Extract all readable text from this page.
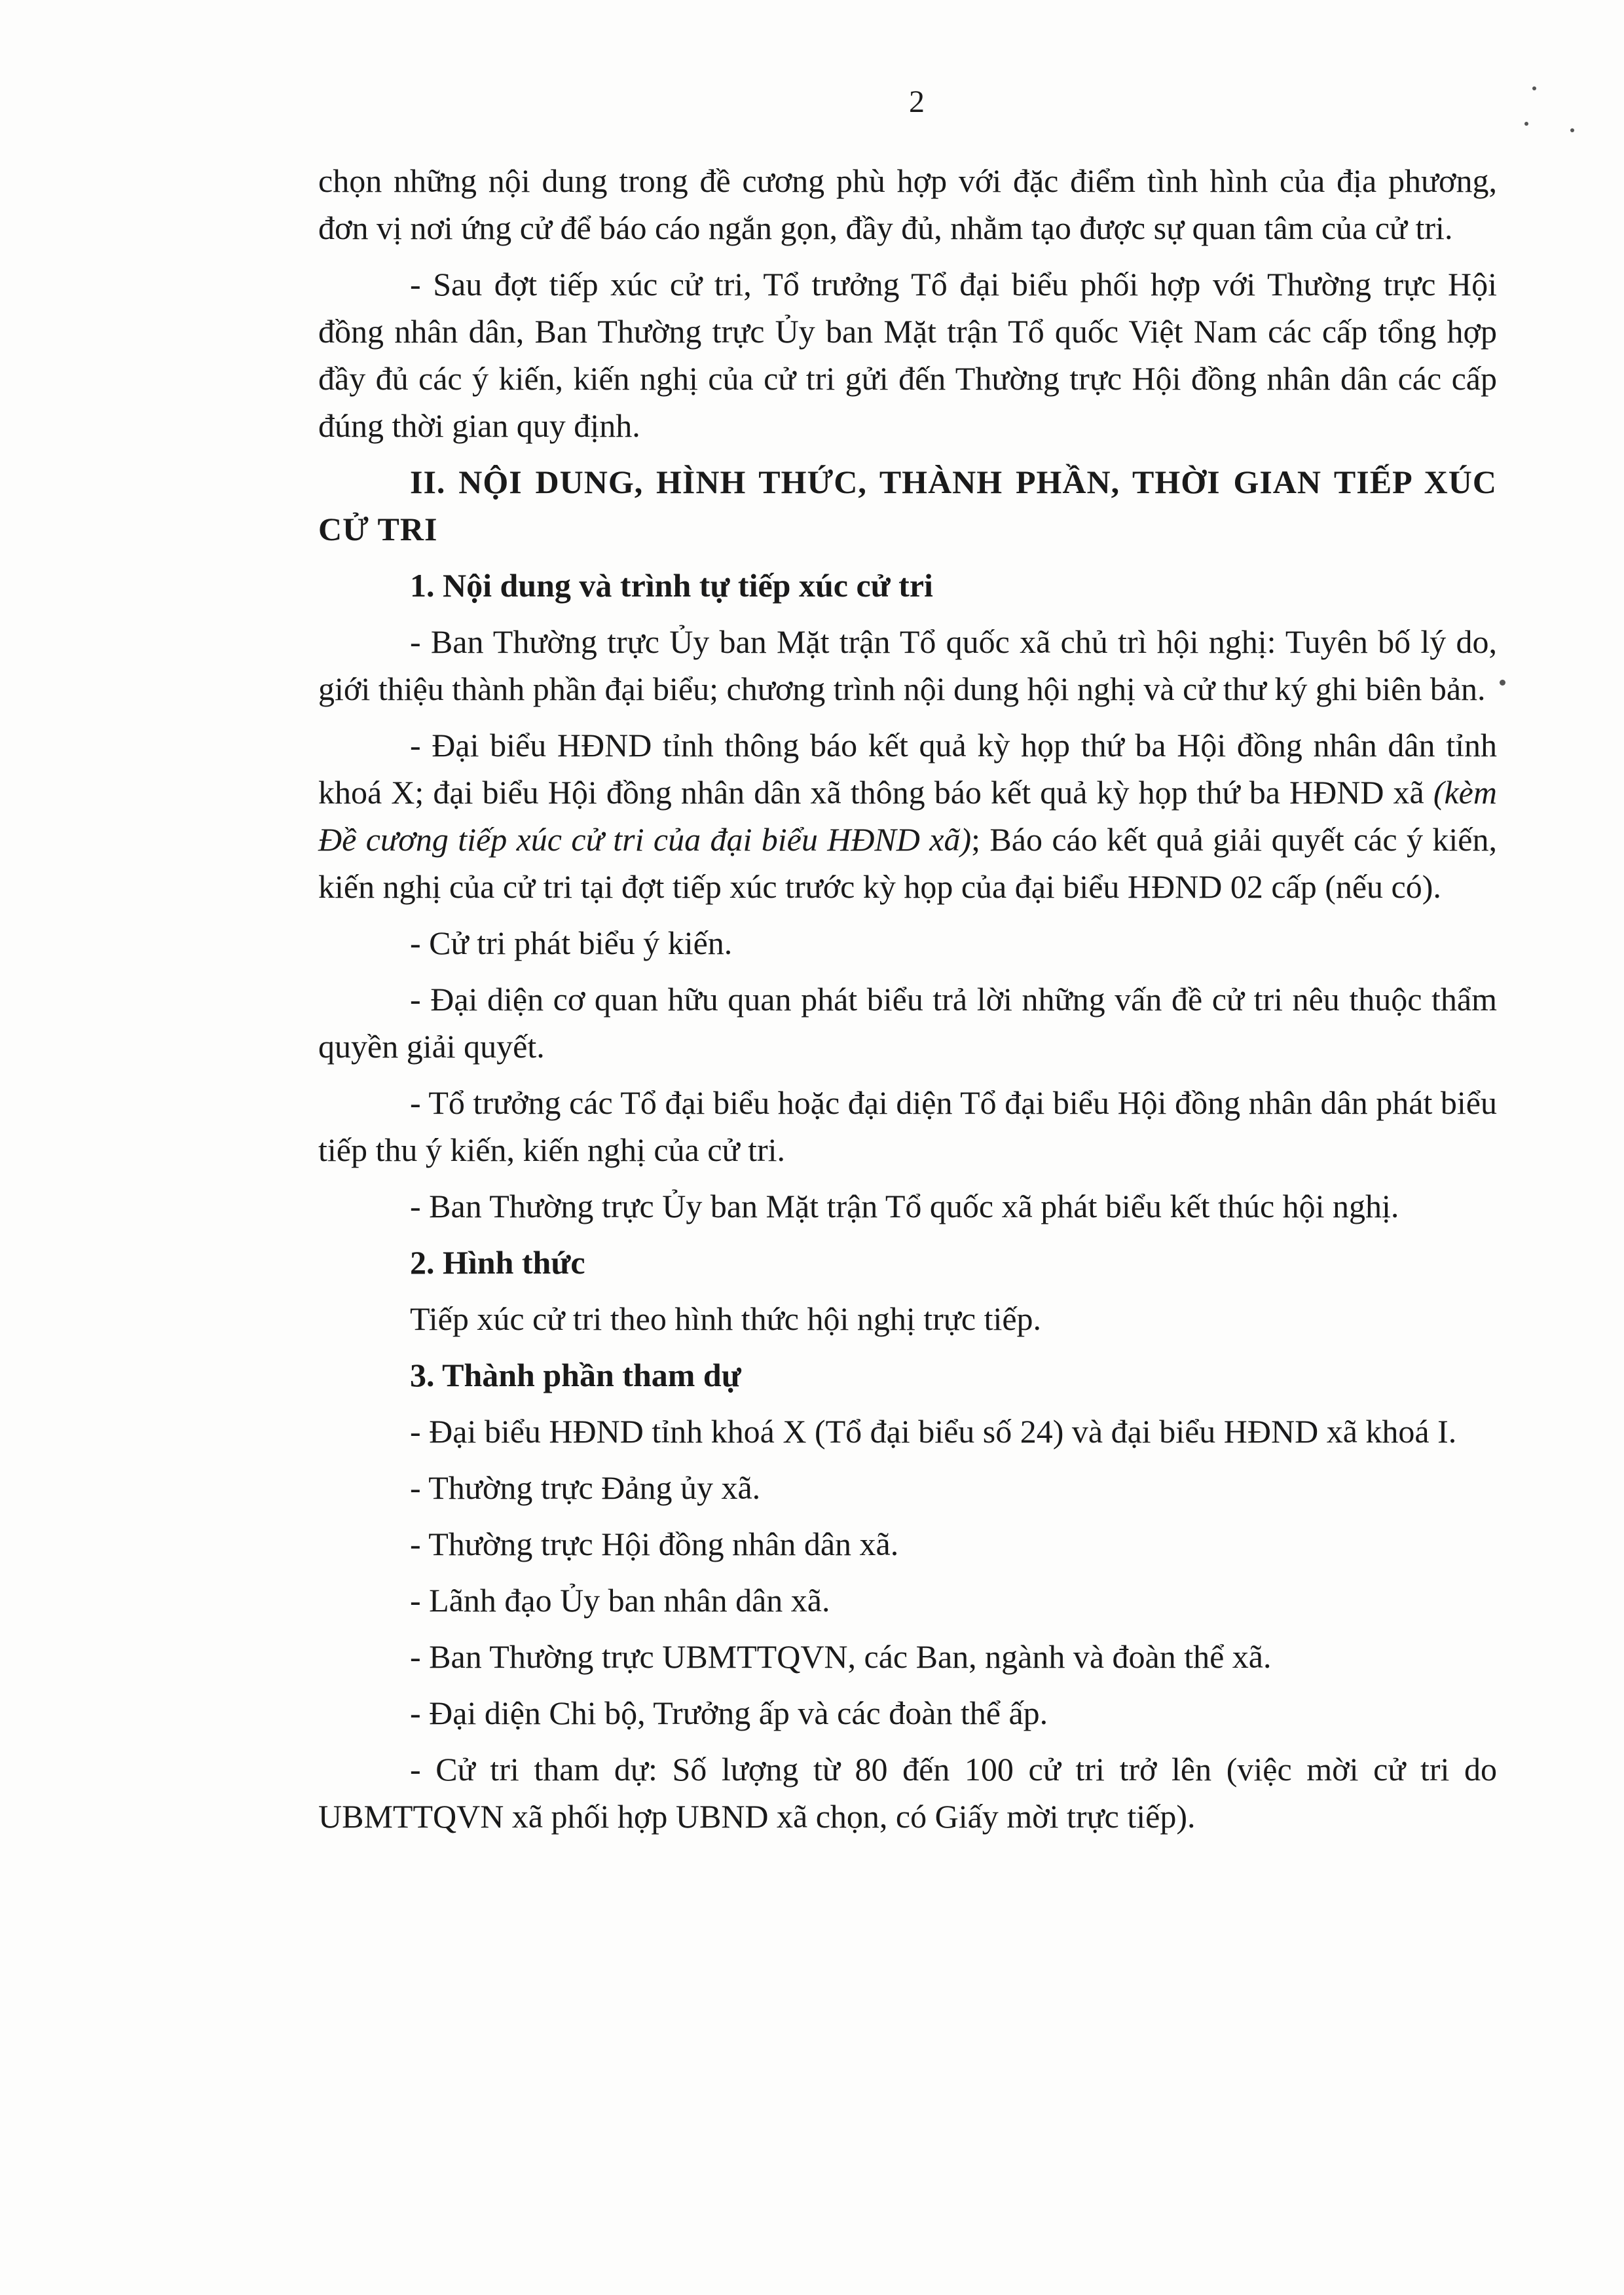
2

chọn những nội dung trong đề cương phù hợp với đặc điểm tình hình của địa phương, đơn vị nơi ứng cử để báo cáo ngắn gọn, đầy đủ, nhằm tạo được sự quan tâm của cử tri.

- Sau đợt tiếp xúc cử tri, Tổ trưởng Tổ đại biểu phối hợp với Thường trực Hội đồng nhân dân, Ban Thường trực Ủy ban Mặt trận Tổ quốc Việt Nam các cấp tổng hợp đầy đủ các ý kiến, kiến nghị của cử tri gửi đến Thường trực Hội đồng nhân dân các cấp đúng thời gian quy định.

II. NỘI DUNG, HÌNH THỨC, THÀNH PHẦN, THỜI GIAN TIẾP XÚC CỬ TRI

1. Nội dung và trình tự tiếp xúc cử tri

- Ban Thường trực Ủy ban Mặt trận Tổ quốc xã chủ trì hội nghị: Tuyên bố lý do, giới thiệu thành phần đại biểu; chương trình nội dung hội nghị và cử thư ký ghi biên bản.

- Đại biểu HĐND tỉnh thông báo kết quả kỳ họp thứ ba Hội đồng nhân dân tỉnh khoá X; đại biểu Hội đồng nhân dân xã thông báo kết quả kỳ họp thứ ba HĐND xã (kèm Đề cương tiếp xúc cử tri của đại biểu HĐND xã); Báo cáo kết quả giải quyết các ý kiến, kiến nghị của cử tri tại đợt tiếp xúc trước kỳ họp của đại biểu HĐND 02 cấp (nếu có).

- Cử tri phát biểu ý kiến.

- Đại diện cơ quan hữu quan phát biểu trả lời những vấn đề cử tri nêu thuộc thẩm quyền giải quyết.

- Tổ trưởng các Tổ đại biểu hoặc đại diện Tổ đại biểu Hội đồng nhân dân phát biểu tiếp thu ý kiến, kiến nghị của cử tri.

- Ban Thường trực Ủy ban Mặt trận Tổ quốc xã phát biểu kết thúc hội nghị.

2. Hình thức

Tiếp xúc cử tri theo hình thức hội nghị trực tiếp.

3. Thành phần tham dự

- Đại biểu HĐND tỉnh khoá X (Tổ đại biểu số 24) và đại biểu HĐND xã khoá I.

- Thường trực Đảng ủy xã.

- Thường trực Hội đồng nhân dân xã.

- Lãnh đạo Ủy ban nhân dân xã.

- Ban Thường trực UBMTTQVN, các Ban, ngành và đoàn thể xã.

- Đại diện Chi bộ, Trưởng ấp và các đoàn thể ấp.

- Cử tri tham dự: Số lượng từ 80 đến 100 cử tri trở lên (việc mời cử tri do UBMTTQVN xã phối hợp UBND xã chọn, có Giấy mời trực tiếp).
